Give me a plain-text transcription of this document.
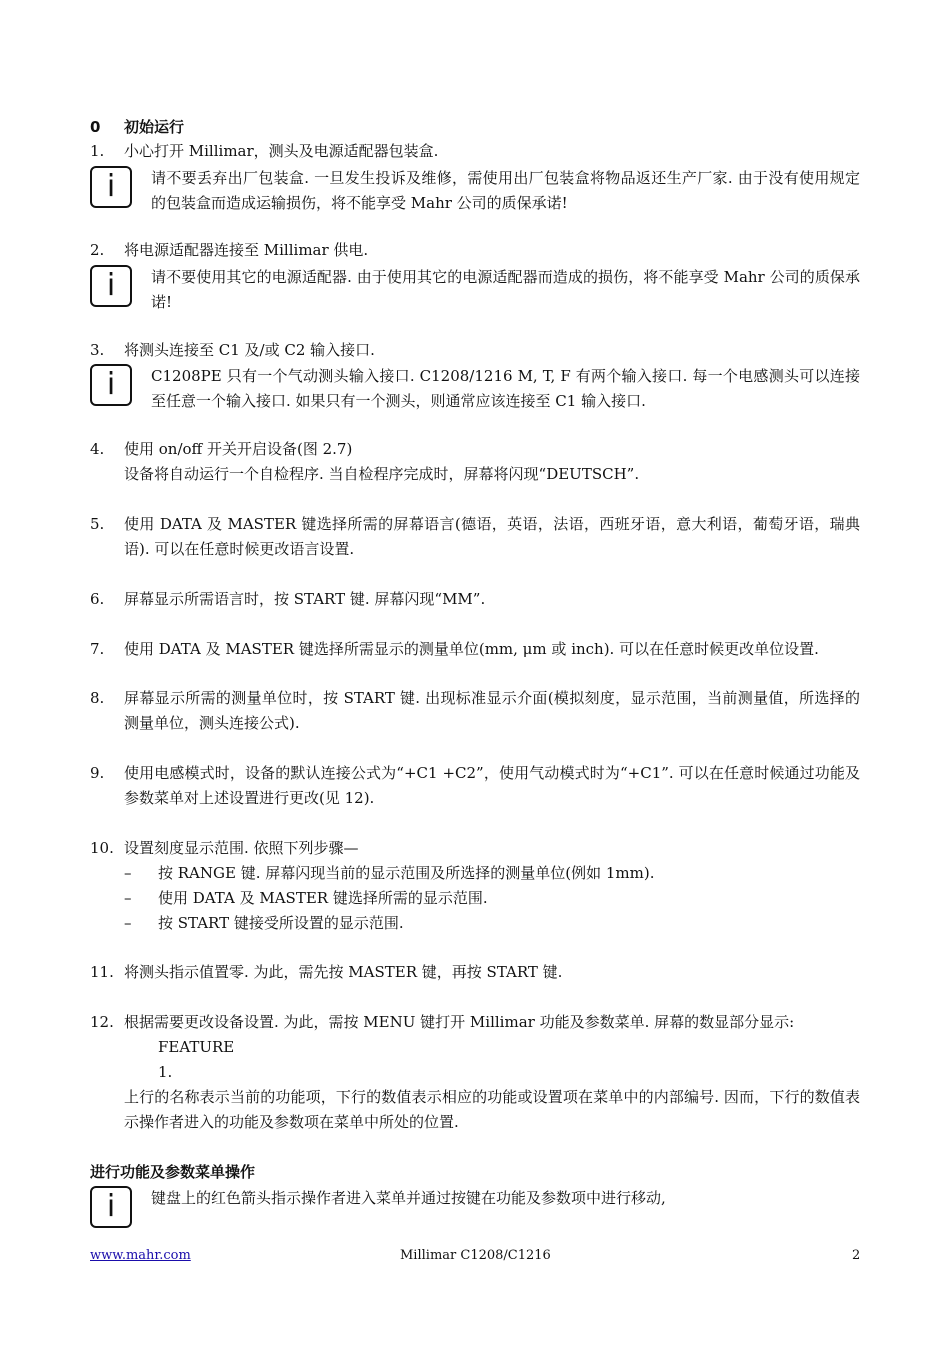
0 初始运行
1. 小心打开 Millimar，测头及电源适配器包装盒.
i	请不要丢弃出厂包装盒. 一旦发生投诉及维修，需使用出厂包装盒将物品返还生产厂家. 由于没有使用规定的包装盒而造成运输损伤，将不能享受 Mahr 公司的质保承诺!
2. 将电源适配器连接至 Millimar 供电.
i	请不要使用其它的电源适配器. 由于使用其它的电源适配器而造成的损伤，将不能享受 Mahr 公司的质保承诺!
3. 将测头连接至 C1 及/或 C2 输入接口.
i	C1208PE 只有一个气动测头输入接口. C1208/1216 M, T, F 有两个输入接口. 每一个电感测头可以连接至任意一个输入接口. 如果只有一个测头，则通常应该连接至 C1 输入接口.
4. 使用 on/off 开关开启设备(图 2.7)
设备将自动运行一个自检程序. 当自检程序完成时，屏幕将闪现“DEUTSCH”.
5. 使用 DATA 及 MASTER 键选择所需的屏幕语言(德语，英语，法语，西班牙语，意大利语，葡萄牙语，瑞典语). 可以在任意时候更改语言设置.
6. 屏幕显示所需语言时，按 START 键. 屏幕闪现“MM”.
7. 使用 DATA 及 MASTER 键选择所需显示的测量单位(mm, μm 或 inch). 可以在任意时候更改单位设置.
8. 屏幕显示所需的测量单位时，按 START 键. 出现标准显示介面(模拟刻度，显示范围，当前测量值，所选择的测量单位，测头连接公式).
9. 使用电感模式时，设备的默认连接公式为“+C1 +C2”，使用气动模式时为“+C1”. 可以在任意时候通过功能及参数菜单对上述设置进行更改(见 12).
10. 设置刻度显示范围. 依照下列步骤—
– 按 RANGE 键. 屏幕闪现当前的显示范围及所选择的测量单位(例如 1mm).
– 使用 DATA 及 MASTER 键选择所需的显示范围.
– 按 START 键接受所设置的显示范围.
11. 将测头指示值置零. 为此，需先按 MASTER 键，再按 START 键.
12. 根据需要更改设备设置. 为此，需按 MENU 键打开 Millimar 功能及参数菜单. 屏幕的数显部分显示:
FEATURE
1.
上行的名称表示当前的功能项，下行的数值表示相应的功能或设置项在菜单中的内部编号. 因而，下行的数值表示操作者进入的功能及参数项在菜单中所处的位置.
进行功能及参数菜单操作
i	键盘上的红色箭头指示操作者进入菜单并通过按键在功能及参数项中进行移动,
www.mahr.com	Millimar C1208/C1216	2
